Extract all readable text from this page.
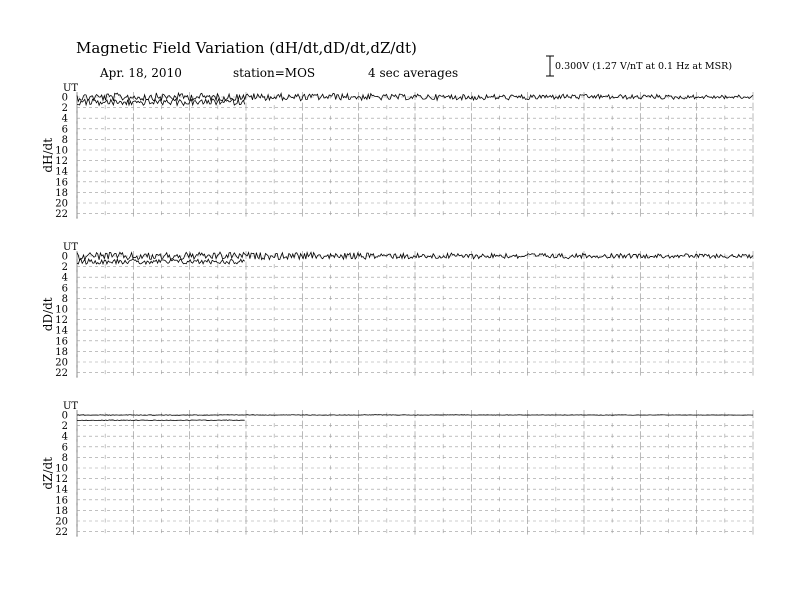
Magnetic Field Variation (dH/dt,dD/dt,dZ/dt)
Apr. 18, 2010	station=MOS	4 sec averages	0.300V (1.27 V/nT at 0.1 Hz at MSR)
UT
dH/dt
0
2
4
6
8
10
12
14
16
18
20
22
UT
dD/dt
0
2
4
6
8
10
12
14
16
18
20
22
UT
dZ/dt
0
2
4
6
8
10
12
14
16
18
20
22
